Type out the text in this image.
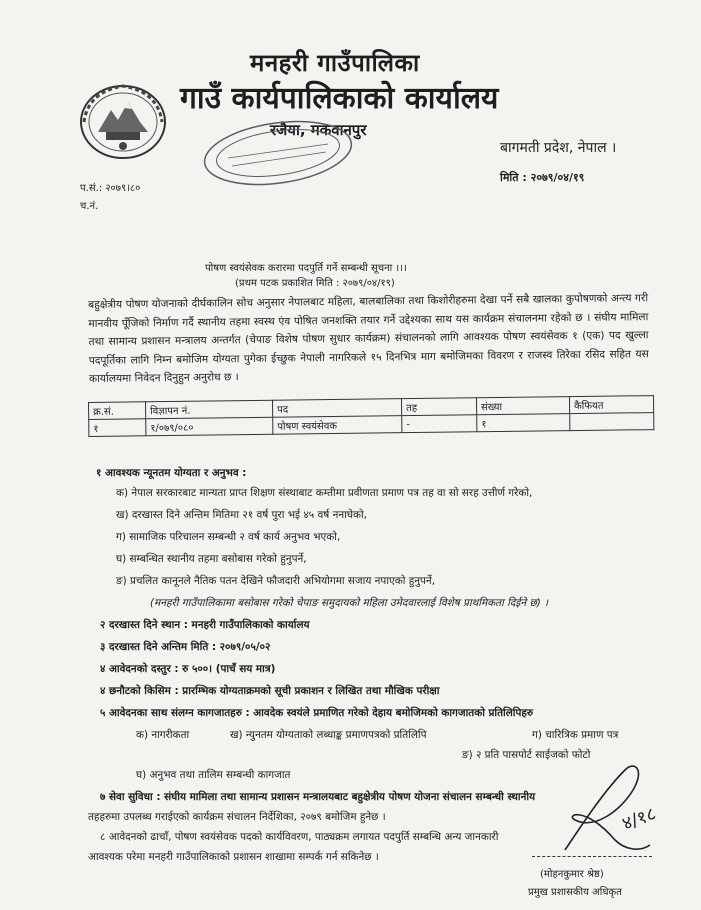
मनहरी गाउँपालिका
गाउँ कार्यपालिकाको कार्यालय
रजैया, मकवानपुर
बागमती प्रदेश, नेपाल ।
मिति : २०७९/०४/१९
प.सं.: २०७९।८०
च.नं.
पोषण स्वयंसेवक करारमा पदपुर्ति गर्ने सम्बन्धी सूचना ।।।
(प्रथम पटक प्रकाशित मिति : २०७९/०४/१९)
बहुक्षेत्रीय पोषण योजनाको दीर्घकालिन सोच अनुसार नेपालबाट महिला, बालबालिका तथा किशोरीहरुमा देखा पर्ने सबै खालका कुपोषणको अन्त्य गरी मानवीय पूँजिको निर्माण गर्दै स्थानीय तहमा स्वस्थ एंव पोषित जनशक्ति तयार गर्ने उद्देश्यका साथ यस कार्यक्रम संचालनमा रहेको छ । संघीय मामिला तथा सामान्य प्रशासन मन्त्रालय अन्तर्गत (चेपाङ विशेष पोषण सुधार कार्यक्रम) संचालनको लागि आवश्यक पोषण स्वयंसेवक १ (एक) पद खुल्ला पदपूर्तिका लागि निम्न बमोजिम योग्यता पुगेका ईच्छुक नेपाली नागरिकले १५ दिनभित्र माग बमोजिमका विवरण र राजस्व तिरेका रसिद सहित यस कार्यालयमा निवेदन दिनुहुन अनुरोध छ ।
क्र.सं.	विज्ञापन नं.	पद	तह	संख्या	कैफियत
१	१/०७९/०८०	पोषण स्वयंसेवक	-	१	
१ आवश्यक न्यूनतम योग्यता र अनुभव :
क) नेपाल सरकारबाट मान्यता प्राप्त शिक्षण संस्थाबाट कम्तीमा प्रवीणता प्रमाण पत्र तह वा सो सरह उत्तीर्ण गरेको,
ख) दरखास्त दिने अन्तिम मितिमा २१ वर्ष पुरा भई ४५ वर्ष ननाघेको,
ग) सामाजिक परिचालन सम्बन्धी २ वर्ष कार्य अनुभव भएको,
घ) सम्बन्धित स्थानीय तहमा बसोबास गरेको हुनुपर्ने,
ङ) प्रचलित कानूनले नैतिक पतन देखिने फौजदारी अभियोगमा सजाय नपाएको हुनुपर्ने,
(मनहरी गाउँपालिकामा बसोबास गरेको चेपाङ समुदायको महिला उमेदवारलाई विशेष प्राथमिकता दिईने छ) ।
२ दरखास्त दिने स्थान : मनहरी गाउँपालिकाको कार्यालय
३ दरखास्त दिने अन्तिम मिति : २०७९/०५/०२
४ आवेदनको दस्तुर : रु ५००। (पाचँ सय मात्र)
४ छनौटको किसिम : प्रारम्भिक योग्यताक्रमको सूची प्रकाशन र लिखित तथा मौखिक परीक्षा
५ आवेदनका साथ संलग्न कागजातहरु : आवदेक स्वयंले प्रमाणित गरेको देहाय बमोजिमको कागजातको प्रतिलिपिहरु
क) नागरीकता	ख) न्युनतम योग्यताको लब्धाङ्क प्रमाणपत्रको प्रतिलिपि	ग) चारित्रिक प्रमाण पत्र
ङ) २ प्रति पासपोर्ट साईजको फोटो
घ) अनुभव तथा तालिम सम्बन्धी कागजात
७ सेवा सुविधा : संघीय मामिला तथा सामान्य प्रशासन मन्त्रालयबाट बहुक्षेत्रीय पोषण योजना संचालन सम्बन्धी स्थानीय
तहहरुमा उपलब्ध गराईएको कार्यक्रम संचालन निर्देशिका, २०७९ बमोजिम हुनेछ ।
८ आवेदनको ढाचाँ, पोषण स्वयंसेवक पदको कार्यविवरण, पाठ्यक्रम लगायत पदपुर्ति सम्बन्धि अन्य जानकारी
आवश्यक परेमा मनहरी गाउँपालिकाको प्रशासन शाखामा सम्पर्क गर्न सकिनेछ ।
४/१८
(मोहनकुमार श्रेष्ठ)
प्रमुख प्रशासकीय अधिकृत
